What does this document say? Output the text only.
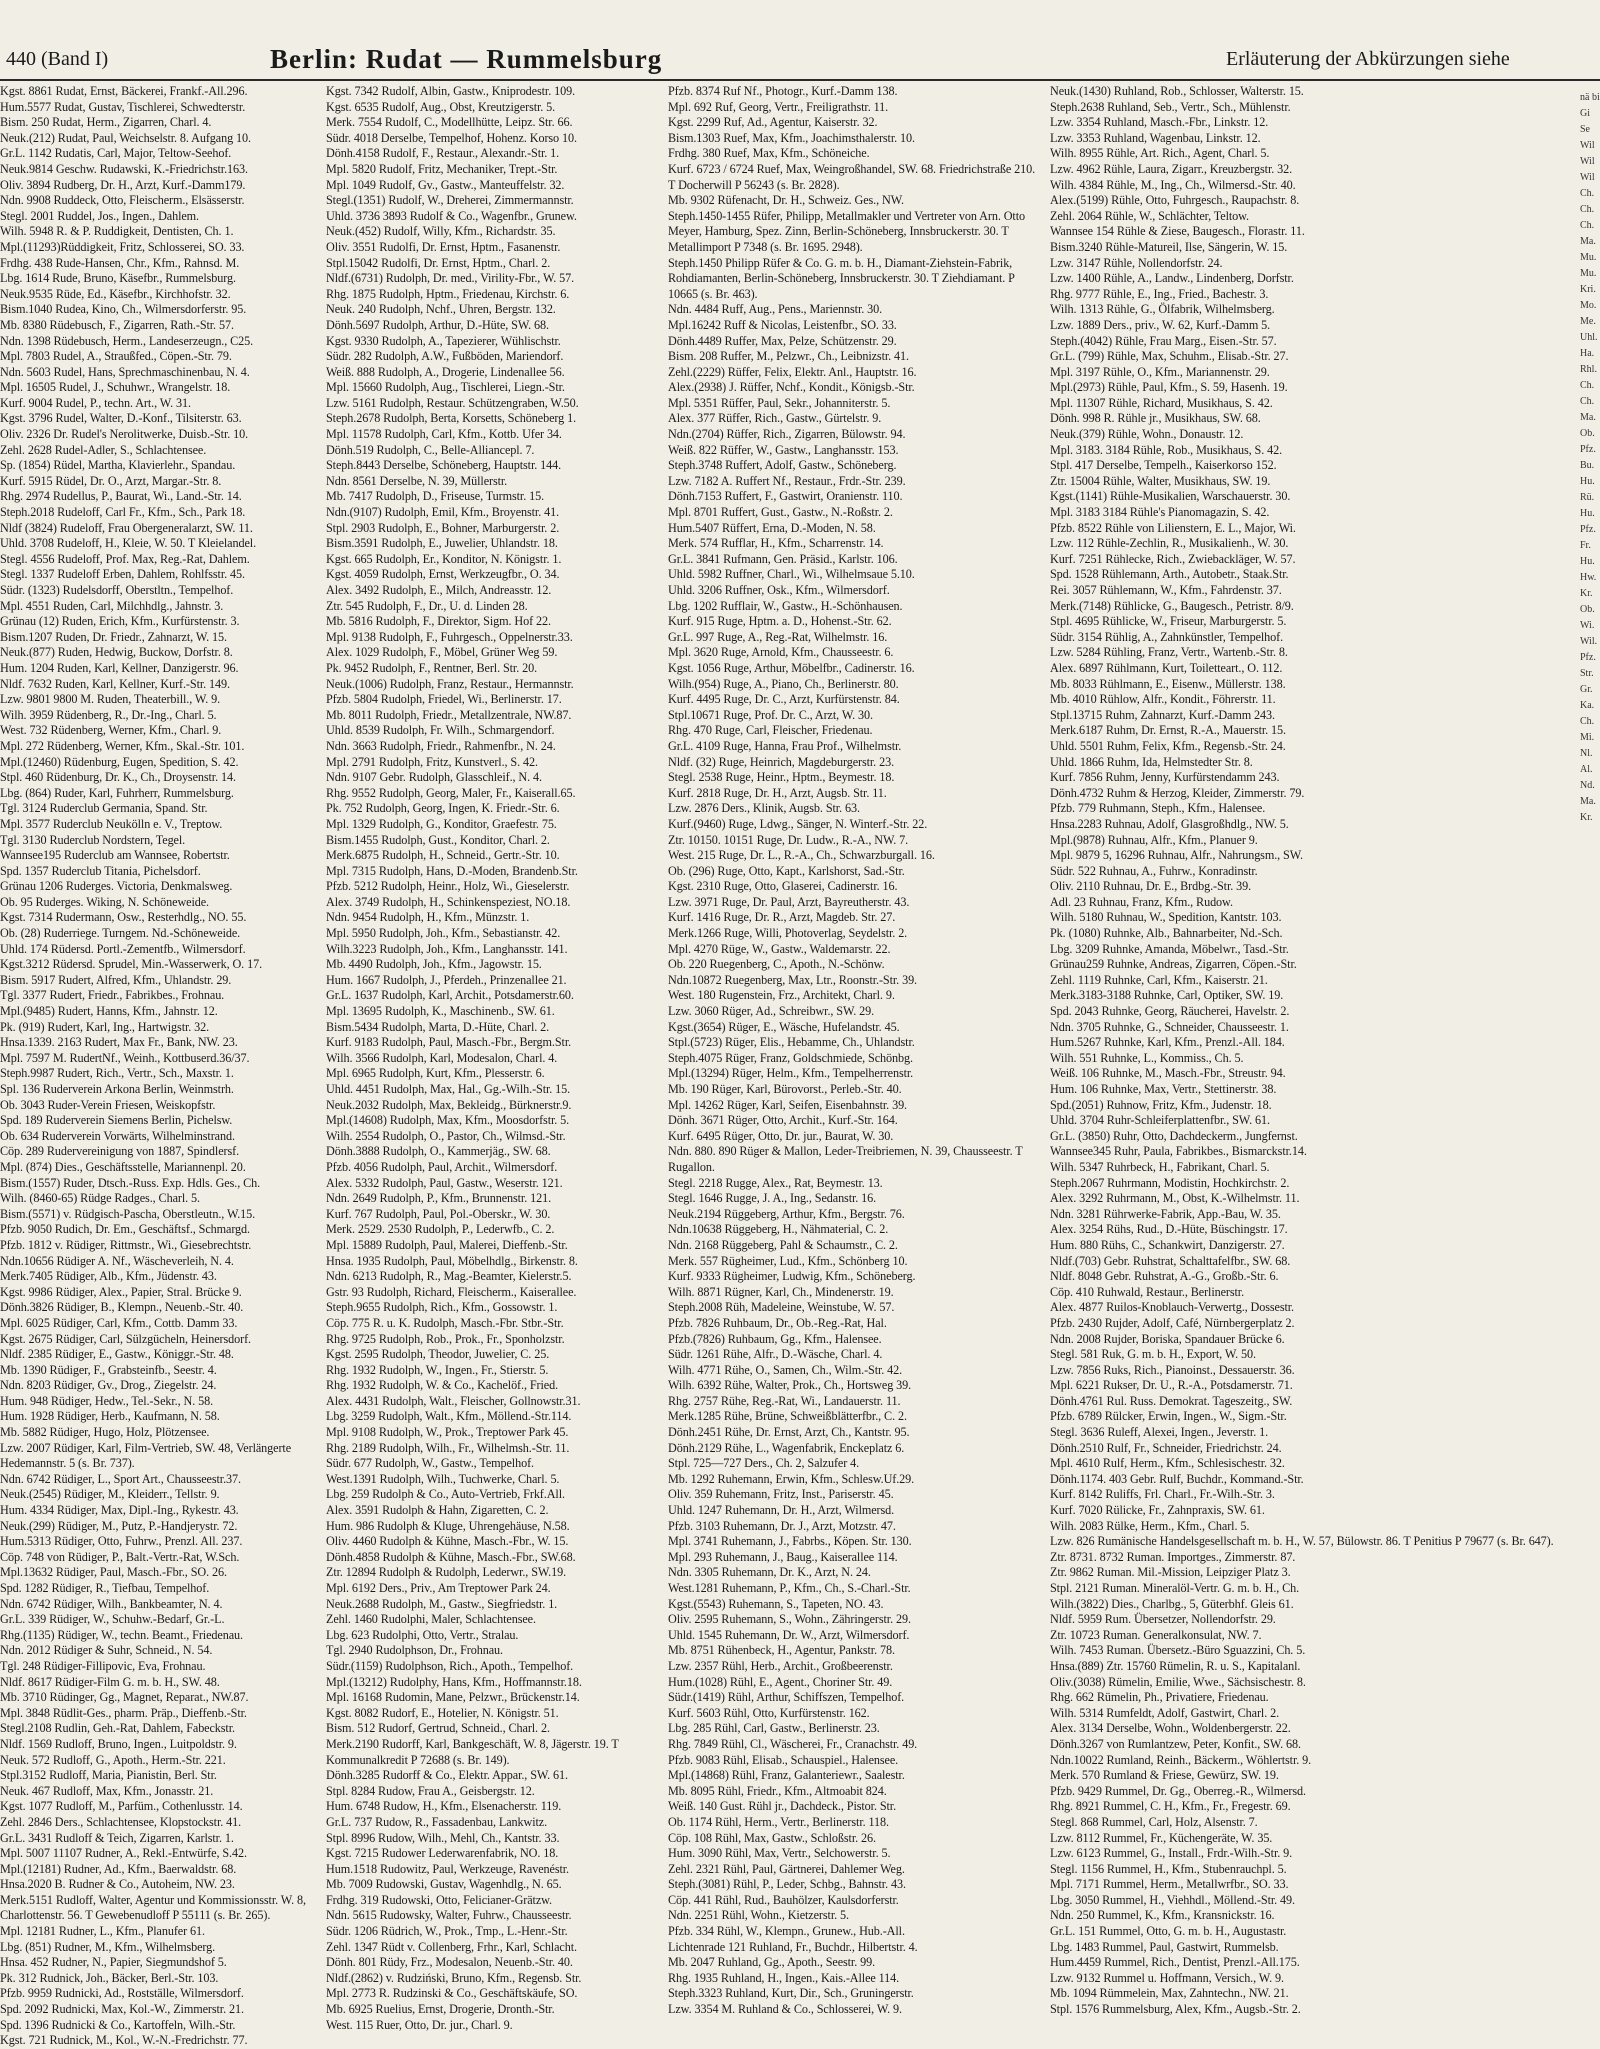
440 (Band I)	Berlin: Rudat — Rummelsburg	Erläuterung der Abkürzungen siehe
Kgst. 8861 Rudat, Ernst, Bäckerei, Frankf.-All.296.
Hum.5577 Rudat, Gustav, Tischlerei, Schwedterstr.
Bism. 250 Rudat, Herm., Zigarren, Charl. 4.
Neuk.(212) Rudat, Paul, Weichselstr. 8. Aufgang 10.
Gr.L. 1142 Rudatis, Carl, Major, Teltow-Seehof.
Neuk.9814 Geschw. Rudawski, K.-Friedrichstr.163.
Oliv. 3894 Rudberg, Dr. H., Arzt, Kurf.-Damm179.
Ndn. 9908 Ruddeck, Otto, Fleischerm., Elsässerstr.
Stegl. 2001 Ruddel, Jos., Ingen., Dahlem.
Wilh. 5948 R. & P. Ruddigkeit, Dentisten, Ch. 1.
Mpl.(11293)Rüddigkeit, Fritz, Schlosserei, SO. 33.
Frdhg. 438 Rude-Hansen, Chr., Kfm., Rahnsd. M.
Lbg. 1614 Rude, Bruno, Käsefbr., Rummelsburg.
Neuk.9535 Rüde, Ed., Käsefbr., Kirchhofstr. 32.
Bism.1040 Rudea, Kino, Ch., Wilmersdorferstr. 95.
Mb. 8380 Rüdebusch, F., Zigarren, Rath.-Str. 57.
Ndn. 1398 Rüdebusch, Herm., Landeserzeugn., C25.
Mpl. 7803 Rudel, A., Straußfed., Cöpen.-Str. 79.
Ndn. 5603 Rudel, Hans, Sprechmaschinenbau, N. 4.
Mpl. 16505 Rudel, J., Schuhwr., Wrangelstr. 18.
Kurf. 9004 Rudel, P., techn. Art., W. 31.
Kgst. 3796 Rudel, Walter, D.-Konf., Tilsiterstr. 63.
Oliv. 2326 Dr. Rudel's Nerolitwerke, Duisb.-Str. 10.
Zehl. 2628 Rudel-Adler, S., Schlachtensee.
Sp. (1854) Rüdel, Martha, Klavierlehr., Spandau.
Kurf. 5915 Rüdel, Dr. O., Arzt, Margar.-Str. 8.
Rhg. 2974 Rudellus, P., Baurat, Wi., Land.-Str. 14.
Steph.2018 Rudeloff, Carl Fr., Kfm., Sch., Park 18.
Nldf (3824) Rudeloff, Frau Obergeneralarzt, SW. 11.
Uhld. 3708 Rudeloff, H., Kleie, W. 50. T Kleielandel.
Stegl. 4556 Rudeloff, Prof. Max, Reg.-Rat, Dahlem.
Stegl. 1337 Rudeloff Erben, Dahlem, Rohlfsstr. 45.
Südr. (1323) Rudelsdorff, Oberstltn., Tempelhof.
Mpl. 4551 Ruden, Carl, Milchhdlg., Jahnstr. 3.
Grünau (12) Ruden, Erich, Kfm., Kurfürstenstr. 3.
Bism.1207 Ruden, Dr. Friedr., Zahnarzt, W. 15.
Neuk.(877) Ruden, Hedwig, Buckow, Dorfstr. 8.
Hum. 1204 Ruden, Karl, Kellner, Danzigerstr. 96.
Nldf. 7632 Ruden, Karl, Kellner, Kurf.-Str. 149.
Lzw. 9801 9800 M. Ruden, Theaterbill., W. 9.
Wilh. 3959 Rüdenberg, R., Dr.-Ing., Charl. 5.
West. 732 Rüdenberg, Werner, Kfm., Charl. 9.
Mpl. 272 Rüdenberg, Werner, Kfm., Skal.-Str. 101.
Mpl.(12460) Rüdenburg, Eugen, Spedition, S. 42.
Stpl. 460 Rüdenburg, Dr. K., Ch., Droysenstr. 14.
Lbg. (864) Ruder, Karl, Fuhrherr, Rummelsburg.
Tgl. 3124 Ruderclub Germania, Spand. Str.
Mpl. 3577 Ruderclub Neukölln e. V., Treptow.
Tgl. 3130 Ruderclub Nordstern, Tegel.
Wannsee195 Ruderclub am Wannsee, Robertstr.
Spd. 1357 Ruderclub Titania, Pichelsdorf.
Grünau 1206 Ruderges. Victoria, Denkmalsweg.
Ob. 95 Ruderges. Wiking, N. Schöneweide.
Kgst. 7314 Rudermann, Osw., Resterhdlg., NO. 55.
Ob. (28) Ruderriege. Turngem. Nd.-Schöneweide.
Uhld. 174 Rüdersd. Portl.-Zementfb., Wilmersdorf.
Kgst.3212 Rüdersd. Sprudel, Min.-Wasserwerk, O. 17.
Bism. 5917 Rudert, Alfred, Kfm., Uhlandstr. 29.
Tgl. 3377 Rudert, Friedr., Fabrikbes., Frohnau.
Mpl.(9485) Rudert, Hanns, Kfm., Jahnstr. 12.
Pk. (919) Rudert, Karl, Ing., Hartwigstr. 32.
Hnsa.1339. 2163 Rudert, Max Fr., Bank, NW. 23.
Mpl. 7597 M. RudertNf., Weinh., Kottbuserd.36/37.
Steph.9987 Rudert, Rich., Vertr., Sch., Maxstr. 1.
Spl. 136 Ruderverein Arkona Berlin, Weinmstrh.
Ob. 3043 Ruder-Verein Friesen, Weiskopfstr.
Spd. 189 Ruderverein Siemens Berlin, Pichelsw.
Ob. 634 Ruderverein Vorwärts, Wilhelminstrand.
Cöp. 289 Rudervereinigung von 1887, Spindlersf.
Mpl. (874) Dies., Geschäftsstelle, Mariannenpl. 20.
Bism.(1557) Ruder, Dtsch.-Russ. Exp. Hdls. Ges., Ch.
Wilh. (8460-65) Rüdge Radges., Charl. 5.
Bism.(5571) v. Rüdgisch-Pascha, Oberstleutn., W.15.
Pfzb. 9050 Rudich, Dr. Em., Geschäftsf., Schmargd.
Pfzb. 1812 v. Rüdiger, Rittmstr., Wi., Giesebrechtstr.
Ndn.10656 Rüdiger A. Nf., Wäscheverleih, N. 4.
Merk.7405 Rüdiger, Alb., Kfm., Jüdenstr. 43.
Kgst. 9986 Rüdiger, Alex., Papier, Stral. Brücke 9.
Dönh.3826 Rüdiger, B., Klempn., Neuenb.-Str. 40.
Mpl. 6025 Rüdiger, Carl, Kfm., Cottb. Damm 33.
Kgst. 2675 Rüdiger, Carl, Sülzgücheln, Heinersdorf.
Nldf. 2385 Rüdiger, E., Gastw., Königgr.-Str. 48.
Mb. 1390 Rüdiger, F., Grabsteinfb., Seestr. 4.
Ndn. 8203 Rüdiger, Gv., Drog., Ziegelstr. 24.
Hum. 948 Rüdiger, Hedw., Tel.-Sekr., N. 58.
Hum. 1928 Rüdiger, Herb., Kaufmann, N. 58.
Mb. 5882 Rüdiger, Hugo, Holz, Plötzensee.
Lzw. 2007 Rüdiger, Karl, Film-Vertrieb, SW. 48, Verlängerte Hedemannstr. 5 (s. Br. 737).
Ndn. 6742 Rüdiger, L., Sport Art., Chausseestr.37.
Neuk.(2545) Rüdiger, M., Kleiderr., Tellstr. 9.
Hum. 4334 Rüdiger, Max, Dipl.-Ing., Rykestr. 43.
Neuk.(299) Rüdiger, M., Putz, P.-Handjerystr. 72.
Hum.5313 Rüdiger, Otto, Fuhrw., Prenzl. All. 237.
Cöp. 748 von Rüdiger, P., Balt.-Vertr.-Rat, W.Sch.
Mpl.13632 Rüdiger, Paul, Masch.-Fbr., SO. 26.
Spd. 1282 Rüdiger, R., Tiefbau, Tempelhof.
Ndn. 6742 Rüdiger, Wilh., Bankbeamter, N. 4.
Gr.L. 339 Rüdiger, W., Schuhw.-Bedarf, Gr.-L.
Rhg.(1135) Rüdiger, W., techn. Beamt., Friedenau.
Ndn. 2012 Rüdiger & Suhr, Schneid., N. 54.
Tgl. 248 Rüdiger-Fillipovic, Eva, Frohnau.
Nldf. 8617 Rüdiger-Film G. m. b. H., SW. 48.
Mb. 3710 Rüdinger, Gg., Magnet, Reparat., NW.87.
Mpl. 3848 Rüdlit-Ges., pharm. Präp., Dieffenb.-Str.
Stegl.2108 Rudlin, Geh.-Rat, Dahlem, Fabeckstr.
Nldf. 1569 Rudloff, Bruno, Ingen., Luitpoldstr. 9.
Neuk. 572 Rudloff, G., Apoth., Herm.-Str. 221.
Stpl.3152 Rudloff, Maria, Pianistin, Berl. Str.
Neuk. 467 Rudloff, Max, Kfm., Jonasstr. 21.
Kgst. 1077 Rudloff, M., Parfüm., Cothenlusstr. 14.
Zehl. 2846 Ders., Schlachtensee, Klopstockstr. 41.
Gr.L. 3431 Rudloff & Teich, Zigarren, Karlstr. 1.
Mpl. 5007 11107 Rudner, A., Rekl.-Entwürfe, S.42.
Mpl.(12181) Rudner, Ad., Kfm., Baerwaldstr. 68.
Hnsa.2020 B. Rudner & Co., Autoheim, NW. 23.
Merk.5151 Rudloff, Walter, Agentur und Kommissionsstr. W. 8, Charlottenstr. 56. T Gewebenudloff P 55111 (s. Br. 265).
Mpl. 12181 Rudner, L., Kfm., Planufer 61.
Lbg. (851) Rudner, M., Kfm., Wilhelmsberg.
Hnsa. 452 Rudner, N., Papier, Siegmundshof 5.
Pk. 312 Rudnick, Joh., Bäcker, Berl.-Str. 103.
Pfzb. 9959 Rudnicki, Ad., Rostställe, Wilmersdorf.
Spd. 2092 Rudnicki, Max, Kol.-W., Zimmerstr. 21.
Spd. 1396 Rudnicki & Co., Kartoffeln, Wilh.-Str.
Kgst. 721 Rudnick, M., Kol., W.-N.-Fredrichstr. 77.
Kgst. 7342 Rudolf, Albin, Gastw., Kniprodestr. 109.
Kgst. 6535 Rudolf, Aug., Obst, Kreutzigerstr. 5.
Merk. 7554 Rudolf, C., Modellhütte, Leipz. Str. 66.
Südr. 4018 Derselbe, Tempelhof, Hohenz. Korso 10.
Dönh.4158 Rudolf, F., Restaur., Alexandr.-Str. 1.
Mpl. 5820 Rudolf, Fritz, Mechaniker, Trept.-Str.
Mpl. 1049 Rudolf, Gv., Gastw., Manteuffelstr. 32.
Stegl.(1351) Rudolf, W., Dreherei, Zimmermannstr.
Uhld. 3736 3893 Rudolf & Co., Wagenfbr., Grunew.
Neuk.(452) Rudolf, Willy, Kfm., Richardstr. 35.
Oliv. 3551 Rudolfi, Dr. Ernst, Hptm., Fasanenstr.
Stpl.15042 Rudolfi, Dr. Ernst, Hptm., Charl. 2.
Nldf.(6731) Rudolph, Dr. med., Virility-Fbr., W. 57.
Rhg. 1875 Rudolph, Hptm., Friedenau, Kirchstr. 6.
Neuk. 240 Rudolph, Nchf., Uhren, Bergstr. 132.
Dönh.5697 Rudolph, Arthur, D.-Hüte, SW. 68.
Kgst. 9330 Rudolph, A., Tapezierer, Wühlischstr.
Südr. 282 Rudolph, A.W., Fußböden, Mariendorf.
Weiß. 888 Rudolph, A., Drogerie, Lindenallee 56.
Mpl. 15660 Rudolph, Aug., Tischlerei, Liegn.-Str.
Lzw. 5161 Rudolph, Restaur. Schützengraben, W.50.
Steph.2678 Rudolph, Berta, Korsetts, Schöneberg 1.
Mpl. 11578 Rudolph, Carl, Kfm., Kottb. Ufer 34.
Dönh.519 Rudolph, C., Belle-Alliancepl. 7.
Steph.8443 Derselbe, Schöneberg, Hauptstr. 144.
Ndn. 8561 Derselbe, N. 39, Müllerstr.
Mb. 7417 Rudolph, D., Friseuse, Turmstr. 15.
Ndn.(9107) Rudolph, Emil, Kfm., Broyenstr. 41.
Stpl. 2903 Rudolph, E., Bohner, Marburgerstr. 2.
Bism.3591 Rudolph, E., Juwelier, Uhlandstr. 18.
Kgst. 665 Rudolph, Er., Konditor, N. Königstr. 1.
Kgst. 4059 Rudolph, Ernst, Werkzeugfbr., O. 34.
Alex. 3492 Rudolph, E., Milch, Andreasstr. 12.
Ztr. 545 Rudolph, F., Dr., U. d. Linden 28.
Mb. 5816 Rudolph, F., Direktor, Sigm. Hof 22.
Mpl. 9138 Rudolph, F., Fuhrgesch., Oppelnerstr.33.
Alex. 1029 Rudolph, F., Möbel, Grüner Weg 59.
Pk. 9452 Rudolph, F., Rentner, Berl. Str. 20.
Neuk.(1006) Rudolph, Franz, Restaur., Hermannstr.
Pfzb. 5804 Rudolph, Friedel, Wi., Berlinerstr. 17.
Mb. 8011 Rudolph, Friedr., Metallzentrale, NW.87.
Uhld. 8539 Rudolph, Fr. Wilh., Schmargendorf.
Ndn. 3663 Rudolph, Friedr., Rahmenfbr., N. 24.
Mpl. 2791 Rudolph, Fritz, Kunstverl., S. 42.
Ndn. 9107 Gebr. Rudolph, Glasschleif., N. 4.
Rhg. 9552 Rudolph, Georg, Maler, Fr., Kaiserall.65.
Pk. 752 Rudolph, Georg, Ingen, K. Friedr.-Str. 6.
Mpl. 1329 Rudolph, G., Konditor, Graefestr. 75.
Bism.1455 Rudolph, Gust., Konditor, Charl. 2.
Merk.6875 Rudolph, H., Schneid., Gertr.-Str. 10.
Mpl. 7315 Rudolph, Hans, D.-Moden, Brandenb.Str.
Pfzb. 5212 Rudolph, Heinr., Holz, Wi., Gieselerstr.
Alex. 3749 Rudolph, H., Schinkenspeziest, NO.18.
Ndn. 9454 Rudolph, H., Kfm., Münzstr. 1.
Mpl. 5950 Rudolph, Joh., Kfm., Sebastianstr. 42.
Wilh.3223 Rudolph, Joh., Kfm., Langhansstr. 141.
Mb. 4490 Rudolph, Joh., Kfm., Jagowstr. 15.
Hum. 1667 Rudolph, J., Pferdeh., Prinzenallee 21.
Gr.L. 1637 Rudolph, Karl, Archit., Potsdamerstr.60.
Mpl. 13695 Rudolph, K., Maschinenb., SW. 61.
Bism.5434 Rudolph, Marta, D.-Hüte, Charl. 2.
Kurf. 9183 Rudolph, Paul, Masch.-Fbr., Bergm.Str.
Wilh. 3566 Rudolph, Karl, Modesalon, Charl. 4.
Mpl. 6965 Rudolph, Kurt, Kfm., Plesserstr. 6.
Uhld. 4451 Rudolph, Max, Hal., Gg.-Wilh.-Str. 15.
Neuk.2032 Rudolph, Max, Bekleidg., Bürknerstr.9.
Mpl.(14608) Rudolph, Max, Kfm., Moosdorfstr. 5.
Wilh. 2554 Rudolph, O., Pastor, Ch., Wilmsd.-Str.
Dönh.3888 Rudolph, O., Kammerjäg., SW. 68.
Pfzb. 4056 Rudolph, Paul, Archit., Wilmersdorf.
Alex. 5332 Rudolph, Paul, Gastw., Weserstr. 121.
Ndn. 2649 Rudolph, P., Kfm., Brunnenstr. 121.
Kurf. 767 Rudolph, Paul, Pol.-Oberskr., W. 30.
Merk. 2529. 2530 Rudolph, P., Lederwfb., C. 2.
Mpl. 15889 Rudolph, Paul, Malerei, Dieffenb.-Str.
Hnsa. 1935 Rudolph, Paul, Möbelhdlg., Birkenstr. 8.
Ndn. 6213 Rudolph, R., Mag.-Beamter, Kielerstr.5.
Gstr. 93 Rudolph, Richard, Fleischerm., Kaiserallee.
Steph.9655 Rudolph, Rich., Kfm., Gossowstr. 1.
Cöp. 775 R. u. K. Rudolph, Masch.-Fbr. Stbr.-Str.
Rhg. 9725 Rudolph, Rob., Prok., Fr., Sponholzstr.
Kgst. 2595 Rudolph, Theodor, Juwelier, C. 25.
Rhg. 1932 Rudolph, W., Ingen., Fr., Stierstr. 5.
Rhg. 1932 Rudolph, W. & Co., Kachelöf., Fried.
Alex. 4431 Rudolph, Walt., Fleischer, Gollnowstr.31.
Lbg. 3259 Rudolph, Walt., Kfm., Möllend.-Str.114.
Mpl. 9108 Rudolph, W., Prok., Treptower Park 45.
Rhg. 2189 Rudolph, Wilh., Fr., Wilhelmsh.-Str. 11.
Südr. 677 Rudolph, W., Gastw., Tempelhof.
West.1391 Rudolph, Wilh., Tuchwerke, Charl. 5.
Lbg. 259 Rudolph & Co., Auto-Vertrieb, Frkf.All.
Alex. 3591 Rudolph & Hahn, Zigaretten, C. 2.
Hum. 986 Rudolph & Kluge, Uhrengehäuse, N.58.
Oliv. 4460 Rudolph & Kühne, Masch.-Fbr., W. 15.
Dönh.4858 Rudolph & Kühne, Masch.-Fbr., SW.68.
Ztr. 12894 Rudolph & Rudolph, Lederwr., SW.19.
Mpl. 6192 Ders., Priv., Am Treptower Park 24.
Neuk.2688 Rudolph, M., Gastw., Siegfriedstr. 1.
Zehl. 1460 Rudolphi, Maler, Schlachtensee.
Lbg. 623 Rudolphi, Otto, Vertr., Stralau.
Tgl. 2940 Rudolphson, Dr., Frohnau.
Südr.(1159) Rudolphson, Rich., Apoth., Tempelhof.
Mpl.(13212) Rudolphy, Hans, Kfm., Hoffmannstr.18.
Mpl. 16168 Rudomin, Mane, Pelzwr., Brückenstr.14.
Kgst. 8082 Rudorf, E., Hotelier, N. Königstr. 51.
Bism. 512 Rudorf, Gertrud, Schneid., Charl. 2.
Merk.2190 Rudorff, Karl, Bankgeschäft, W. 8, Jägerstr. 19. T Kommunalkredit P 72688 (s. Br. 149).
Dönh.3285 Rudorff & Co., Elektr. Appar., SW. 61.
Stpl. 8284 Rudow, Frau A., Geisbergstr. 12.
Hum. 6748 Rudow, H., Kfm., Elsenacherstr. 119.
Gr.L. 737 Rudow, R., Fassadenbau, Lankwitz.
Stpl. 8996 Rudow, Wilh., Mehl, Ch., Kantstr. 33.
Kgst. 7215 Rudower Lederwarenfabrik, NO. 18.
Hum.1518 Rudowitz, Paul, Werkzeuge, Ravenéstr.
Mb. 7009 Rudowski, Gustav, Wagenhdlg., N. 65.
Frdhg. 319 Rudowski, Otto, Felicianer-Grätzw.
Ndn. 5615 Rudowsky, Walter, Fuhrw., Chausseestr.
Südr. 1206 Rüdrich, W., Prok., Tmp., L.-Henr.-Str.
Zehl. 1347 Rüdt v. Collenberg, Frhr., Karl, Schlacht.
Dönh. 801 Rüdy, Frz., Modesalon, Neuenb.-Str. 40.
Nldf.(2862) v. Rudziński, Bruno, Kfm., Regensb. Str.
Mpl. 2773 R. Rudzinski & Co., Geschäftskäufe, SO.
Mb. 6925 Ruelius, Ernst, Drogerie, Dronth.-Str.
West. 115 Ruer, Otto, Dr. jur., Charl. 9.
Pfzb. 8374 Ruf Nf., Photogr., Kurf.-Damm 138.
Mpl. 692 Ruf, Georg, Vertr., Freiligrathstr. 11.
Kgst. 2299 Ruf, Ad., Agentur, Kaiserstr. 32.
Bism.1303 Ruef, Max, Kfm., Joachimsthalerstr. 10.
Frdhg. 380 Ruef, Max, Kfm., Schöneiche.
Kurf. 6723 / 6724 Ruef, Max, Weingroßhandel, SW. 68. Friedrichstraße 210. T Docherwill P 56243 (s. Br. 2828).
Mb. 9302 Rüfenacht, Dr. H., Schweiz. Ges., NW.
Steph.1450-1455 Rüfer, Philipp, Metallmakler und Vertreter von Arn. Otto Meyer, Hamburg, Spez. Zinn, Berlin-Schöneberg, Innsbruckerstr. 30. T Metallimport P 7348 (s. Br. 1695. 2948).
Steph.1450 Philipp Rüfer & Co. G. m. b. H., Diamant-Ziehstein-Fabrik, Rohdiamanten, Berlin-Schöneberg, Innsbruckerstr. 30. T Ziehdiamant. P 10665 (s. Br. 463).
Ndn. 4484 Ruff, Aug., Pens., Mariennstr. 30.
Mpl.16242 Ruff & Nicolas, Leistenfbr., SO. 33.
Dönh.4489 Ruffer, Max, Pelze, Schützenstr. 29.
Bism. 208 Ruffer, M., Pelzwr., Ch., Leibnizstr. 41.
Zehl.(2229) Rüffer, Felix, Elektr. Anl., Hauptstr. 16.
Alex.(2938) J. Rüffer, Nchf., Kondit., Königsb.-Str.
Mpl. 5351 Rüffer, Paul, Sekr., Johanniterstr. 5.
Alex. 377 Rüffer, Rich., Gastw., Gürtelstr. 9.
Ndn.(2704) Rüffer, Rich., Zigarren, Bülowstr. 94.
Weiß. 822 Rüffer, W., Gastw., Langhansstr. 153.
Steph.3748 Ruffert, Adolf, Gastw., Schöneberg.
Lzw. 7182 A. Ruffert Nf., Restaur., Frdr.-Str. 239.
Dönh.7153 Ruffert, F., Gastwirt, Oranienstr. 110.
Mpl. 8701 Ruffert, Gust., Gastw., N.-Roßstr. 2.
Hum.5407 Rüffert, Erna, D.-Moden, N. 58.
Merk. 574 Rufflar, H., Kfm., Scharrenstr. 14.
Gr.L. 3841 Rufmann, Gen. Präsid., Karlstr. 106.
Uhld. 5982 Ruffner, Charl., Wi., Wilhelmsaue 5.10.
Uhld. 3206 Ruffner, Osk., Kfm., Wilmersdorf.
Lbg. 1202 Rufflair, W., Gastw., H.-Schönhausen.
Kurf. 915 Ruge, Hptm. a. D., Hohenst.-Str. 62.
Gr.L. 997 Ruge, A., Reg.-Rat, Wilhelmstr. 16.
Mpl. 3620 Ruge, Arnold, Kfm., Chausseestr. 6.
Kgst. 1056 Ruge, Arthur, Möbelfbr., Cadinerstr. 16.
Wilh.(954) Ruge, A., Piano, Ch., Berlinerstr. 80.
Kurf. 4495 Ruge, Dr. C., Arzt, Kurfürstenstr. 84.
Stpl.10671 Ruge, Prof. Dr. C., Arzt, W. 30.
Rhg. 470 Ruge, Carl, Fleischer, Friedenau.
Gr.L. 4109 Ruge, Hanna, Frau Prof., Wilhelmstr.
Nldf. (32) Ruge, Heinrich, Magdeburgerstr. 23.
Stegl. 2538 Ruge, Heinr., Hptm., Beymestr. 18.
Kurf. 2818 Ruge, Dr. H., Arzt, Augsb. Str. 11.
Lzw. 2876 Ders., Klinik, Augsb. Str. 63.
Kurf.(9460) Ruge, Ldwg., Sänger, N. Winterf.-Str. 22.
Ztr. 10150. 10151 Ruge, Dr. Ludw., R.-A., NW. 7.
West. 215 Ruge, Dr. L., R.-A., Ch., Schwarzburgall. 16.
Ob. (296) Ruge, Otto, Kapt., Karlshorst, Sad.-Str.
Kgst. 2310 Ruge, Otto, Glaserei, Cadinerstr. 16.
Lzw. 3971 Ruge, Dr. Paul, Arzt, Bayreutherstr. 43.
Kurf. 1416 Ruge, Dr. R., Arzt, Magdeb. Str. 27.
Merk.1266 Ruge, Willi, Photoverlag, Seydelstr. 2.
Mpl. 4270 Rüge, W., Gastw., Waldemarstr. 22.
Ob. 220 Ruegenberg, C., Apoth., N.-Schönw.
Ndn.10872 Ruegenberg, Max, Ltr., Roonstr.-Str. 39.
West. 180 Rugenstein, Frz., Architekt, Charl. 9.
Lzw. 3060 Rüger, Ad., Schreibwr., SW. 29.
Kgst.(3654) Rüger, E., Wäsche, Hufelandstr. 45.
Stpl.(5723) Rüger, Elis., Hebamme, Ch., Uhlandstr.
Steph.4075 Rüger, Franz, Goldschmiede, Schönbg.
Mpl.(13294) Rüger, Helm., Kfm., Tempelherrenstr.
Mb. 190 Rüger, Karl, Bürovorst., Perleb.-Str. 40.
Mpl. 14262 Rüger, Karl, Seifen, Eisenbahnstr. 39.
Dönh. 3671 Rüger, Otto, Archit., Kurf.-Str. 164.
Kurf. 6495 Rüger, Otto, Dr. jur., Baurat, W. 30.
Ndn. 880. 890 Rüger & Mallon, Leder-Treibriemen, N. 39, Chausseestr. T Rugallon.
Stegl. 2218 Rugge, Alex., Rat, Beymestr. 13.
Stegl. 1646 Rugge, J. A., Ing., Sedanstr. 16.
Neuk.2194 Rüggeberg, Arthur, Kfm., Bergstr. 76.
Ndn.10638 Rüggeberg, H., Nähmaterial, C. 2.
Ndn. 2168 Rüggeberg, Pahl & Schaumstr., C. 2.
Merk. 557 Rügheimer, Lud., Kfm., Schönberg 10.
Kurf. 9333 Rügheimer, Ludwig, Kfm., Schöneberg.
Wilh. 8871 Rügner, Karl, Ch., Mindenerstr. 19.
Steph.2008 Rüh, Madeleine, Weinstube, W. 57.
Pfzb. 7826 Ruhbaum, Dr., Ob.-Reg.-Rat, Hal.
Pfzb.(7826) Ruhbaum, Gg., Kfm., Halensee.
Südr. 1261 Rühe, Alfr., D.-Wäsche, Charl. 4.
Wilh. 4771 Rühe, O., Samen, Ch., Wilm.-Str. 42.
Wilh. 6392 Rühe, Walter, Prok., Ch., Hortsweg 39.
Rhg. 2757 Rühe, Reg.-Rat, Wi., Landauerstr. 11.
Merk.1285 Rühe, Brüne, Schweißblätterfbr., C. 2.
Dönh.2451 Rühe, Dr. Ernst, Arzt, Ch., Kantstr. 95.
Dönh.2129 Rühe, L., Wagenfabrik, Enckeplatz 6.
Stpl. 725—727 Ders., Ch. 2, Salzufer 4.
Mb. 1292 Ruhemann, Erwin, Kfm., Schlesw.Uf.29.
Oliv. 359 Ruhemann, Fritz, Inst., Pariserstr. 45.
Uhld. 1247 Ruhemann, Dr. H., Arzt, Wilmersd.
Pfzb. 3103 Ruhemann, Dr. J., Arzt, Motzstr. 47.
Mpl. 3741 Ruhemann, J., Fabrbs., Köpen. Str. 130.
Mpl. 293 Ruhemann, J., Baug., Kaiserallee 114.
Ndn. 3305 Ruhemann, Dr. K., Arzt, N. 24.
West.1281 Ruhemann, P., Kfm., Ch., S.-Charl.-Str.
Kgst.(5543) Ruhemann, S., Tapeten, NO. 43.
Oliv. 2595 Ruhemann, S., Wohn., Zähringerstr. 29.
Uhld. 1545 Ruhemann, Dr. W., Arzt, Wilmersdorf.
Mb. 8751 Rühenbeck, H., Agentur, Pankstr. 78.
Lzw. 2357 Rühl, Herb., Archit., Großbeerenstr.
Hum.(1028) Rühl, E., Agent., Choriner Str. 49.
Südr.(1419) Rühl, Arthur, Schiffszen, Tempelhof.
Kurf. 5603 Rühl, Otto, Kurfürstenstr. 162.
Lbg. 285 Rühl, Carl, Gastw., Berlinerstr. 23.
Rhg. 7849 Rühl, Cl., Wäscherei, Fr., Cranachstr. 49.
Pfzb. 9083 Rühl, Elisab., Schauspiel., Halensee.
Mpl.(14868) Rühl, Franz, Galanteriewr., Saalestr.
Mb. 8095 Rühl, Friedr., Kfm., Altmoabit 824.
Weiß. 140 Gust. Rühl jr., Dachdeck., Pistor. Str.
Ob. 1174 Rühl, Herm., Vertr., Berlinerstr. 118.
Cöp. 108 Rühl, Max, Gastw., Schloßstr. 26.
Hum. 3090 Rühl, Max, Vertr., Selchowerstr. 5.
Zehl. 2321 Rühl, Paul, Gärtnerei, Dahlemer Weg.
Steph.(3081) Rühl, P., Leder, Schbg., Bahnstr. 43.
Cöp. 441 Rühl, Rud., Bauhölzer, Kaulsdorferstr.
Ndn. 2251 Rühl, Wohn., Kietzerstr. 5.
Pfzb. 334 Rühl, W., Klempn., Grunew., Hub.-All.
Lichtenrade 121 Ruhland, Fr., Buchdr., Hilbertstr. 4.
Mb. 2047 Ruhland, Gg., Apoth., Seestr. 99.
Rhg. 1935 Ruhland, H., Ingen., Kais.-Allee 114.
Steph.3323 Ruhland, Kurt, Dir., Sch., Gruningerstr.
Lzw. 3354 M. Ruhland & Co., Schlosserei, W. 9.
Neuk.(1430) Ruhland, Rob., Schlosser, Walterstr. 15.
Steph.2638 Ruhland, Seb., Vertr., Sch., Mühlenstr.
Lzw. 3354 Ruhland, Masch.-Fbr., Linkstr. 12.
Lzw. 3353 Ruhland, Wagenbau, Linkstr. 12.
Wilh. 8955 Rühle, Art. Rich., Agent, Charl. 5.
Lzw. 4962 Rühle, Laura, Zigarr., Kreuzbergstr. 32.
Wilh. 4384 Rühle, M., Ing., Ch., Wilmersd.-Str. 40.
Alex.(5199) Rühle, Otto, Fuhrgesch., Raupachstr. 8.
Zehl. 2064 Rühle, W., Schlächter, Teltow.
Wannsee 154 Rühle & Ziese, Baugesch., Florastr. 11.
Bism.3240 Rühle-Matureil, Ilse, Sängerin, W. 15.
Lzw. 3147 Rühle, Nollendorfstr. 24.
Lzw. 1400 Rühle, A., Landw., Lindenberg, Dorfstr.
Rhg. 9777 Rühle, E., Ing., Fried., Bachestr. 3.
Wilh. 1313 Rühle, G., Ölfabrik, Wilhelmsberg.
Lzw. 1889 Ders., priv., W. 62, Kurf.-Damm 5.
Steph.(4042) Rühle, Frau Marg., Eisen.-Str. 57.
Gr.L. (799) Rühle, Max, Schuhm., Elisab.-Str. 27.
Mpl. 3197 Rühle, O., Kfm., Mariannenstr. 29.
Mpl.(2973) Rühle, Paul, Kfm., S. 59, Hasenh. 19.
Mpl. 11307 Rühle, Richard, Musikhaus, S. 42.
Dönh. 998 R. Rühle jr., Musikhaus, SW. 68.
Neuk.(379) Rühle, Wohn., Donaustr. 12.
Mpl. 3183. 3184 Rühle, Rob., Musikhaus, S. 42.
Stpl. 417 Derselbe, Tempelh., Kaiserkorso 152.
Ztr. 15004 Rühle, Walter, Musikhaus, SW. 19.
Kgst.(1141) Rühle-Musikalien, Warschauerstr. 30.
Mpl. 3183 3184 Rühle's Pianomagazin, S. 42.
Pfzb. 8522 Rühle von Lilienstern, E. L., Major, Wi.
Lzw. 112 Rühle-Zechlin, R., Musikalienh., W. 30.
Kurf. 7251 Rühlecke, Rich., Zwiebackläger, W. 57.
Spd. 1528 Rühlemann, Arth., Autobetr., Staak.Str.
Rei. 3057 Rühlemann, W., Kfm., Fahrdenstr. 37.
Merk.(7148) Rühlicke, G., Baugesch., Petristr. 8/9.
Stpl. 4695 Rühlicke, W., Friseur, Marburgerstr. 5.
Südr. 3154 Rühlig, A., Zahnkünstler, Tempelhof.
Lzw. 5284 Rühling, Franz, Vertr., Wartenb.-Str. 8.
Alex. 6897 Rühlmann, Kurt, Toiletteart., O. 112.
Mb. 8033 Rühlmann, E., Eisenw., Müllerstr. 138.
Mb. 4010 Rühlow, Alfr., Kondit., Föhrerstr. 11.
Stpl.13715 Ruhm, Zahnarzt, Kurf.-Damm 243.
Merk.6187 Ruhm, Dr. Ernst, R.-A., Mauerstr. 15.
Uhld. 5501 Ruhm, Felix, Kfm., Regensb.-Str. 24.
Uhld. 1866 Ruhm, Ida, Helmstedter Str. 8.
Kurf. 7856 Ruhm, Jenny, Kurfürstendamm 243.
Dönh.4732 Ruhm & Herzog, Kleider, Zimmerstr. 79.
Pfzb. 779 Ruhmann, Steph., Kfm., Halensee.
Hnsa.2283 Ruhnau, Adolf, Glasgroßhdlg., NW. 5.
Mpl.(9878) Ruhnau, Alfr., Kfm., Planuer 9.
Mpl. 9879 5, 16296 Ruhnau, Alfr., Nahrungsm., SW.
Südr. 522 Ruhnau, A., Fuhrw., Konradinstr.
Oliv. 2110 Ruhnau, Dr. E., Brdbg.-Str. 39.
Adl. 23 Ruhnau, Franz, Kfm., Rudow.
Wilh. 5180 Ruhnau, W., Spedition, Kantstr. 103.
Pk. (1080) Ruhnke, Alb., Bahnarbeiter, Nd.-Sch.
Lbg. 3209 Ruhnke, Amanda, Möbelwr., Tasd.-Str.
Grünau259 Ruhnke, Andreas, Zigarren, Cöpen.-Str.
Zehl. 1119 Ruhnke, Carl, Kfm., Kaiserstr. 21.
Merk.3183-3188 Ruhnke, Carl, Optiker, SW. 19.
Spd. 2043 Ruhnke, Georg, Räucherei, Havelstr. 2.
Ndn. 3705 Ruhnke, G., Schneider, Chausseestr. 1.
Hum.5267 Ruhnke, Karl, Kfm., Prenzl.-All. 184.
Wilh. 551 Ruhnke, L., Kommiss., Ch. 5.
Weiß. 106 Ruhnke, M., Masch.-Fbr., Streustr. 94.
Hum. 106 Ruhnke, Max, Vertr., Stettinerstr. 38.
Spd.(2051) Ruhnow, Fritz, Kfm., Judenstr. 18.
Uhld. 3704 Ruhr-Schleiferplattenfbr., SW. 61.
Gr.L. (3850) Ruhr, Otto, Dachdeckerm., Jungfernst.
Wannsee345 Ruhr, Paula, Fabrikbes., Bismarckstr.14.
Wilh. 5347 Ruhrbeck, H., Fabrikant, Charl. 5.
Steph.2067 Ruhrmann, Modistin, Hochkirchstr. 2.
Alex. 3292 Ruhrmann, M., Obst, K.-Wilhelmstr. 11.
Ndn. 3281 Rührwerke-Fabrik, App.-Bau, W. 35.
Alex. 3254 Rühs, Rud., D.-Hüte, Büschingstr. 17.
Hum. 880 Rühs, C., Schankwirt, Danzigerstr. 27.
Nldf.(703) Gebr. Ruhstrat, Schalttafelfbr., SW. 68.
Nldf. 8048 Gebr. Ruhstrat, A.-G., Großb.-Str. 6.
Cöp. 410 Ruhwald, Restaur., Berlinerstr.
Alex. 4877 Ruilos-Knoblauch-Verwertg., Dossestr.
Pfzb. 2430 Rujder, Adolf, Café, Nürnbergerplatz 2.
Ndn. 2008 Rujder, Boriska, Spandauer Brücke 6.
Stegl. 581 Ruk, G. m. b. H., Export, W. 50.
Lzw. 7856 Ruks, Rich., Pianoinst., Dessauerstr. 36.
Mpl. 6221 Rukser, Dr. U., R.-A., Potsdamerstr. 71.
Dönh.4761 Rul. Russ. Demokrat. Tageszeitg., SW.
Pfzb. 6789 Rülcker, Erwin, Ingen., W., Sigm.-Str.
Stegl. 3636 Ruleff, Alexei, Ingen., Jeverstr. 1.
Dönh.2510 Rulf, Fr., Schneider, Friedrichstr. 24.
Mpl. 4610 Rulf, Herm., Kfm., Schlesischestr. 32.
Dönh.1174. 403 Gebr. Rulf, Buchdr., Kommand.-Str.
Kurf. 8142 Ruliffs, Frl. Charl., Fr.-Wilh.-Str. 3.
Kurf. 7020 Rülicke, Fr., Zahnpraxis, SW. 61.
Wilh. 2083 Rülke, Herm., Kfm., Charl. 5.
Lzw. 826 Rumänische Handelsgesellschaft m. b. H., W. 57, Bülowstr. 86. T Penitius P 79677 (s. Br. 647).
Ztr. 8731. 8732 Ruman. Importges., Zimmerstr. 87.
Ztr. 9862 Ruman. Mil.-Mission, Leipziger Platz 3.
Stpl. 2121 Ruman. Mineralöl-Vertr. G. m. b. H., Ch.
Wilh.(3822) Dies., Charlbg., 5, Güterbhf. Gleis 61.
Nldf. 5959 Rum. Übersetzer, Nollendorfstr. 29.
Ztr. 10723 Ruman. Generalkonsulat, NW. 7.
Wilh. 7453 Ruman. Übersetz.-Büro Sguazzini, Ch. 5.
Hnsa.(889) Ztr. 15760 Rümelin, R. u. S., Kapitalanl.
Oliv.(3038) Rümelin, Emilie, Wwe., Sächsischestr. 8.
Rhg. 662 Rümelin, Ph., Privatiere, Friedenau.
Wilh. 5314 Rumfeldt, Adolf, Gastwirt, Charl. 2.
Alex. 3134 Derselbe, Wohn., Woldenbergerstr. 22.
Dönh.3267 von Rumlantzew, Peter, Konfit., SW. 68.
Ndn.10022 Rumland, Reinh., Bäckerm., Wöhlertstr. 9.
Merk. 570 Rumland & Friese, Gewürz, SW. 19.
Pfzb. 9429 Rummel, Dr. Gg., Oberreg.-R., Wilmersd.
Rhg. 8921 Rummel, C. H., Kfm., Fr., Fregestr. 69.
Stegl. 868 Rummel, Carl, Holz, Alsenstr. 7.
Lzw. 8112 Rummel, Fr., Küchengeräte, W. 35.
Lzw. 6123 Rummel, G., Install., Frdr.-Wilh.-Str. 9.
Stegl. 1156 Rummel, H., Kfm., Stubenrauchpl. 5.
Mpl. 7171 Rummel, Herm., Metallwrfbr., SO. 33.
Lbg. 3050 Rummel, H., Viehhdl., Möllend.-Str. 49.
Ndn. 250 Rummel, K., Kfm., Kransnickstr. 16.
Gr.L. 151 Rummel, Otto, G. m. b. H., Augustastr.
Lbg. 1483 Rummel, Paul, Gastwirt, Rummelsb.
Hum.4459 Rummel, Rich., Dentist, Prenzl.-All.175.
Lzw. 9132 Rummel u. Hoffmann, Versich., W. 9.
Mb. 1094 Rümmelein, Max, Zahntechn., NW. 21.
Stpl. 1576 Rummelsburg, Alex, Kfm., Augsb.-Str. 2.
nä bi Gi Se Wil Wil Wil Ch. Ch. Ch. Ma. Mu. Mu. Kri. Mo. Me. Uhl. Ha. Rhl. Ch. Ch. Ma. Ob. Pfz. Bu. Hu. Rü. Hu. Pfz. Fr. Hu. Hw. Kr. Ob. Wi. Wil. Pfz. Str. Gr. Ka. Ch. Mi. Nl. Al. Nd. Ma. Kr.
